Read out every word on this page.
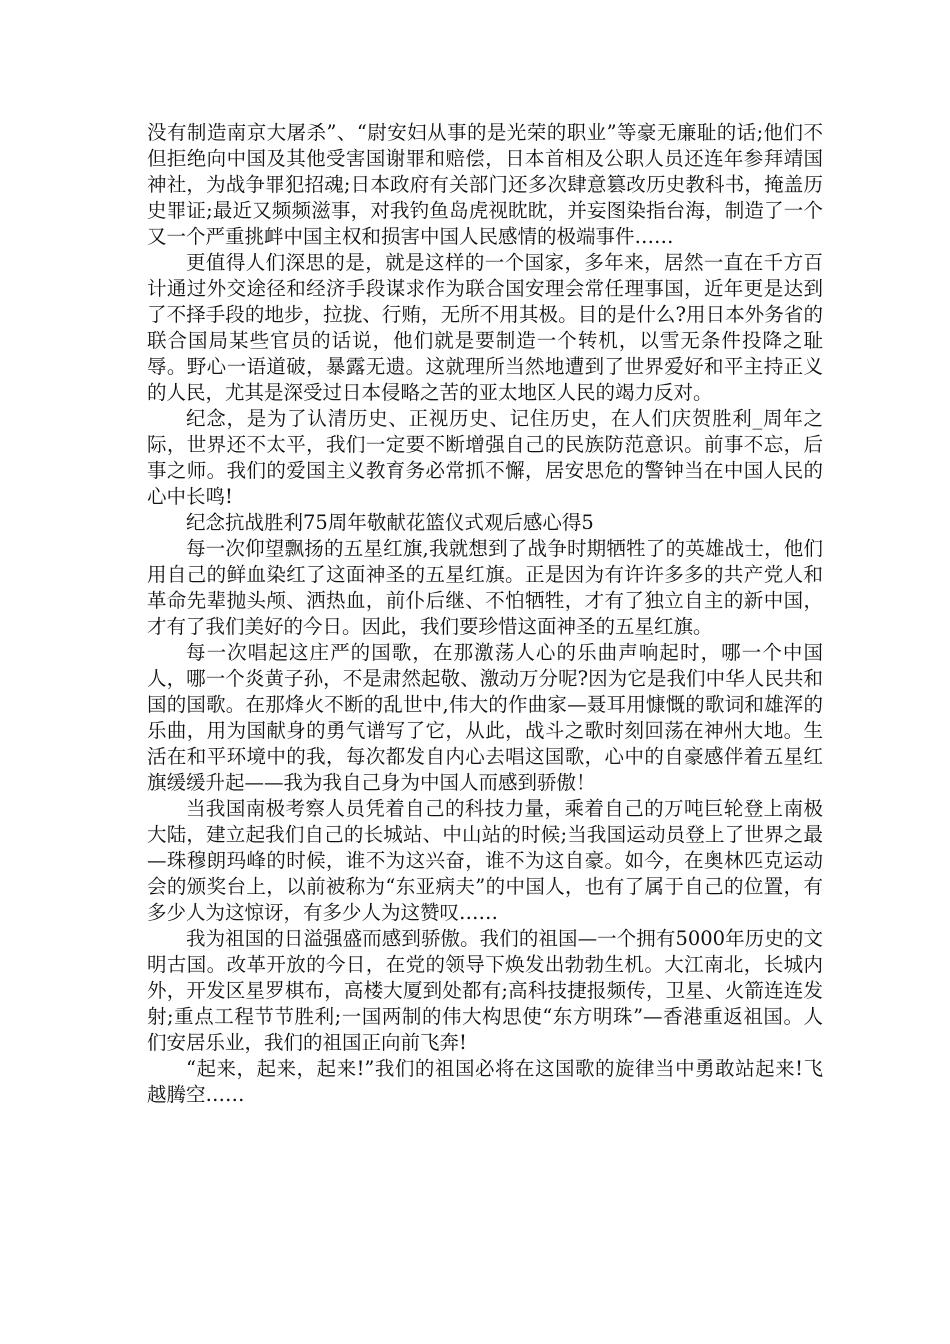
没有制造南京大屠杀”、“尉安妇从事的是光荣的职业”等豪无廉耻的话;他们不但拒绝向中国及其他受害国谢罪和赔偿，日本首相及公职人员还连年参拜靖国神社，为战争罪犯招魂;日本政府有关部门还多次肆意篡改历史教科书，掩盖历史罪证;最近又频频滋事，对我钓鱼岛虎视眈眈，并妄图染指台海，制造了一个又一个严重挑衅中国主权和损害中国人民感情的极端事件……

更值得人们深思的是，就是这样的一个国家，多年来，居然一直在千方百计通过外交途径和经济手段谋求作为联合国安理会常任理事国，近年更是达到了不择手段的地步，拉拢、行贿，无所不用其极。目的是什么?用日本外务省的联合国局某些官员的话说，他们就是要制造一个转机，以雪无条件投降之耻辱。野心一语道破，暴露无遗。这就理所当然地遭到了世界爱好和平主持正义的人民，尤其是深受过日本侵略之苦的亚太地区人民的竭力反对。

纪念，是为了认清历史、正视历史、记住历史，在人们庆贺胜利_周年之际，世界还不太平，我们一定要不断增强自己的民族防范意识。前事不忘，后事之师。我们的爱国主义教育务必常抓不懈，居安思危的警钟当在中国人民的心中长鸣!

纪念抗战胜利75周年敬献花篮仪式观后感心得5

每一次仰望飘扬的五星红旗,我就想到了战争时期牺牲了的英雄战士，他们用自己的鲜血染红了这面神圣的五星红旗。正是因为有许许多多的共产党人和革命先辈抛头颅、洒热血，前仆后继、不怕牺牲，才有了独立自主的新中国，才有了我们美好的今日。因此，我们要珍惜这面神圣的五星红旗。

每一次唱起这庄严的国歌，在那激荡人心的乐曲声响起时，哪一个中国人，哪一个炎黄子孙，不是肃然起敬、激动万分呢?因为它是我们中华人民共和国的国歌。在那烽火不断的乱世中,伟大的作曲家—聂耳用慷慨的歌词和雄浑的乐曲，用为国献身的勇气谱写了它，从此，战斗之歌时刻回荡在神州大地。生活在和平环境中的我，每次都发自内心去唱这国歌，心中的自豪感伴着五星红旗缓缓升起——我为我自己身为中国人而感到骄傲！

当我国南极考察人员凭着自己的科技力量，乘着自己的万吨巨轮登上南极大陆，建立起我们自己的长城站、中山站的时候;当我国运动员登上了世界之最—珠穆朗玛峰的时候，谁不为这兴奋，谁不为这自豪。如今，在奥林匹克运动会的颁奖台上，以前被称为“东亚病夫”的中国人，也有了属于自己的位置，有多少人为这惊讶，有多少人为这赞叹……

我为祖国的日溢强盛而感到骄傲。我们的祖国—一个拥有5000年历史的文明古国。改革开放的今日，在党的领导下焕发出勃勃生机。大江南北，长城内外，开发区星罗棋布，高楼大厦到处都有;高科技捷报频传，卫星、火箭连连发射;重点工程节节胜利;一国两制的伟大构思使“东方明珠”—香港重返祖国。人们安居乐业，我们的祖国正向前飞奔!

“起来，起来，起来!”我们的祖国必将在这国歌的旋律当中勇敢站起来!飞越腾空……
